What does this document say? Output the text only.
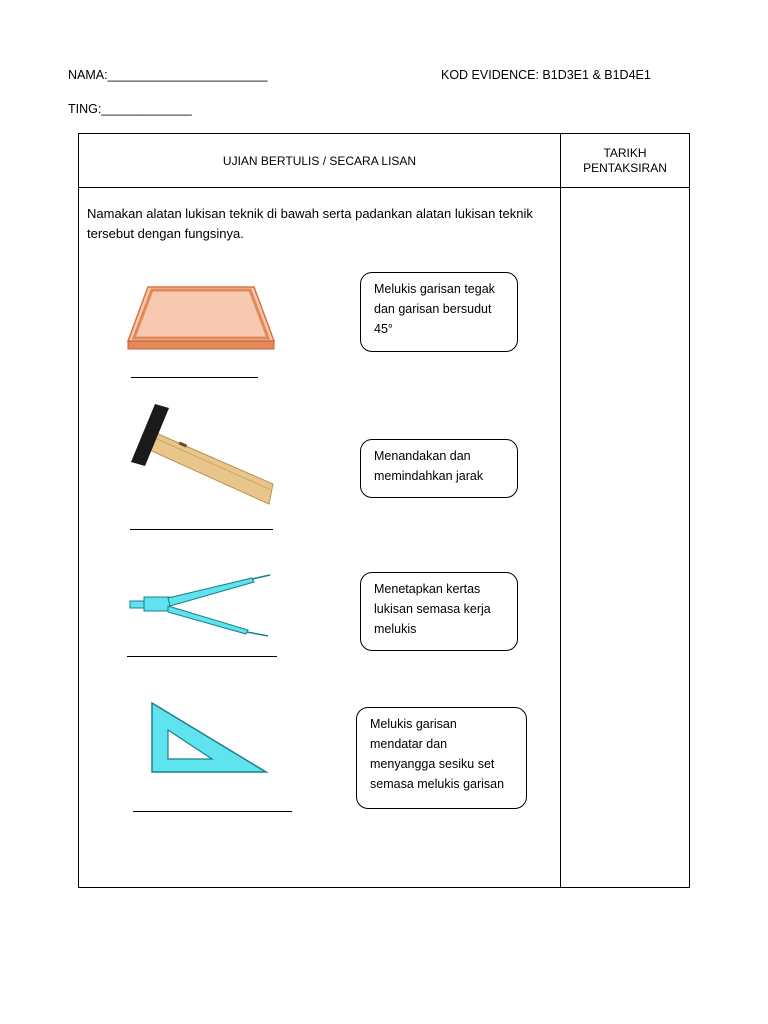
NAMA:_______________________	KOD EVIDENCE: B1D3E1 & B1D4E1
TING:_____________
UJIAN BERTULIS / SECARA LISAN
TARIKH
PENTAKSIRAN
Namakan alatan lukisan teknik di bawah serta padankan alatan lukisan teknik tersebut dengan fungsinya.
Melukis garisan tegak
dan garisan bersudut
45°
Menandakan dan
memindahkan jarak
Menetapkan kertas
lukisan semasa kerja
melukis
Melukis garisan
mendatar dan
menyangga sesiku set
semasa melukis garisan
